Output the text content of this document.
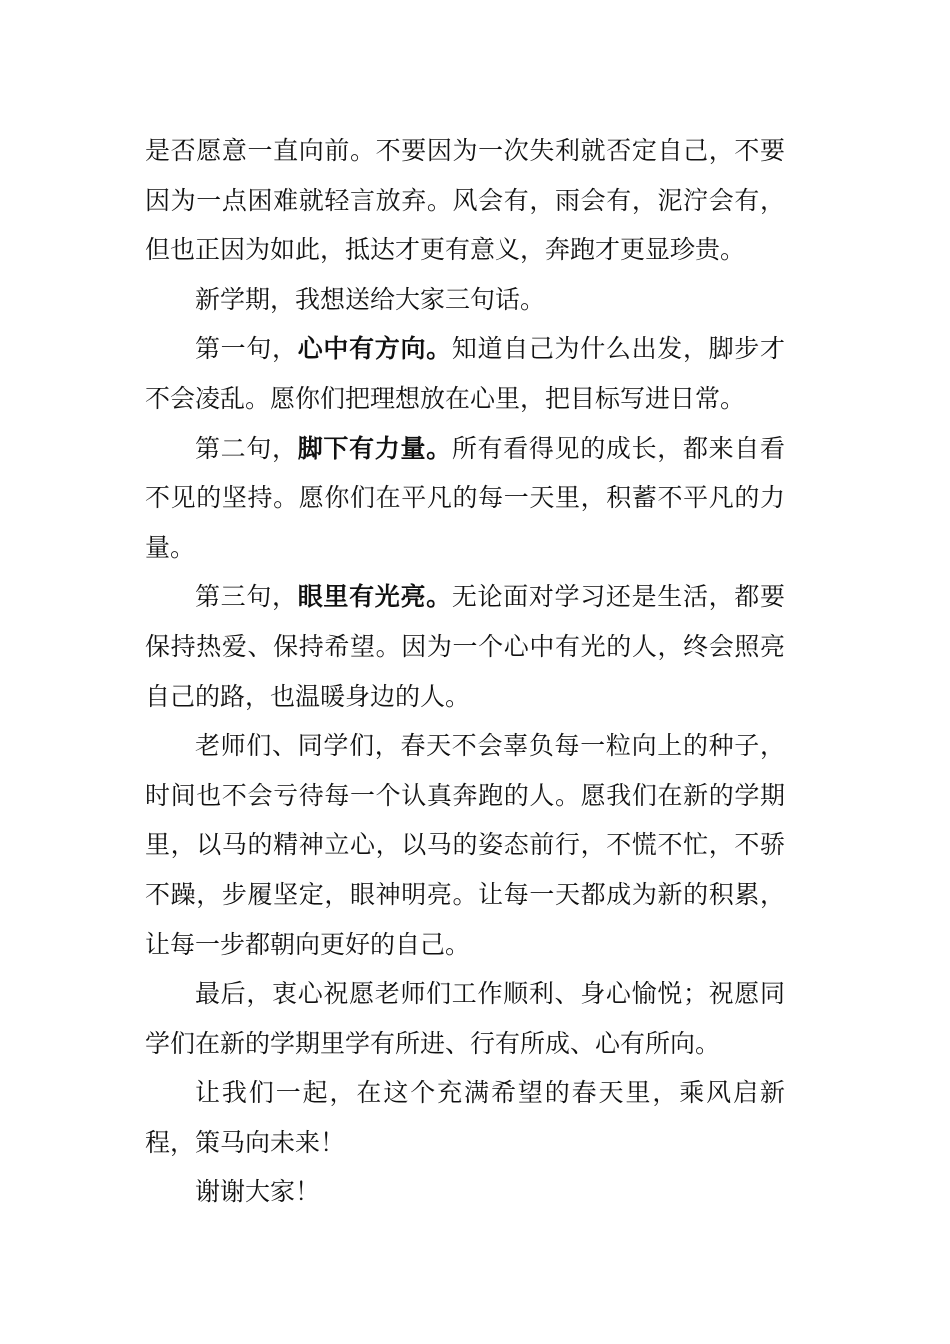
是否愿意一直向前。不要因为一次失利就否定自己，不要因为一点困难就轻言放弃。风会有，雨会有，泥泞会有，但也正因为如此，抵达才更有意义，奔跑才更显珍贵。

新学期，我想送给大家三句话。

第一句，心中有方向。知道自己为什么出发，脚步才不会凌乱。愿你们把理想放在心里，把目标写进日常。

第二句，脚下有力量。所有看得见的成长，都来自看不见的坚持。愿你们在平凡的每一天里，积蓄不平凡的力量。

第三句，眼里有光亮。无论面对学习还是生活，都要保持热爱、保持希望。因为一个心中有光的人，终会照亮自己的路，也温暖身边的人。

老师们、同学们，春天不会辜负每一粒向上的种子，时间也不会亏待每一个认真奔跑的人。愿我们在新的学期里，以马的精神立心，以马的姿态前行，不慌不忙，不骄不躁，步履坚定，眼神明亮。让每一天都成为新的积累，让每一步都朝向更好的自己。

最后，衷心祝愿老师们工作顺利、身心愉悦；祝愿同学们在新的学期里学有所进、行有所成、心有所向。

让我们一起，在这个充满希望的春天里，乘风启新程，策马向未来！

谢谢大家！
